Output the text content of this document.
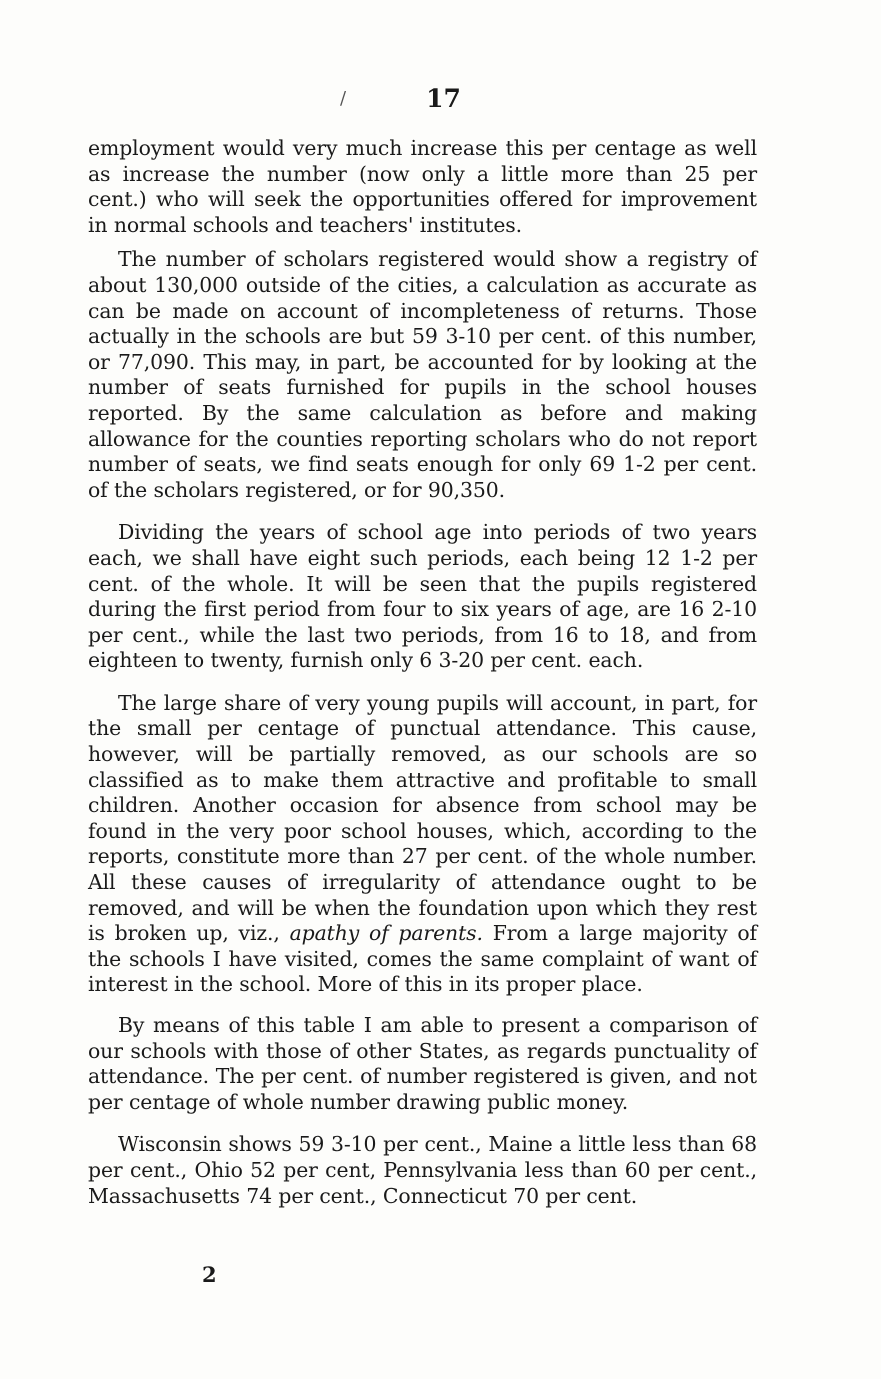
/	17

employment would very much increase this per centage as well as increase the number (now only a little more than 25 per cent.) who will seek the opportunities offered for improvement in normal schools and teachers' institutes.

The number of scholars registered would show a registry of about 130,000 outside of the cities, a calculation as accurate as can be made on account of incompleteness of returns. Those actually in the schools are but 59 3-10 per cent. of this number, or 77,090. This may, in part, be accounted for by looking at the number of seats furnished for pupils in the school houses reported. By the same calculation as before and making allowance for the counties reporting scholars who do not report number of seats, we find seats enough for only 69 1-2 per cent. of the scholars registered, or for 90,350.

Dividing the years of school age into periods of two years each, we shall have eight such periods, each being 12 1-2 per cent. of the whole. It will be seen that the pupils registered during the first period from four to six years of age, are 16 2-10 per cent., while the last two periods, from 16 to 18, and from eighteen to twenty, furnish only 6 3-20 per cent. each.

The large share of very young pupils will account, in part, for the small per centage of punctual attendance. This cause, however, will be partially removed, as our schools are so classified as to make them attractive and profitable to small children. Another occasion for absence from school may be found in the very poor school houses, which, according to the reports, constitute more than 27 per cent. of the whole number. All these causes of irregularity of attendance ought to be removed, and will be when the foundation upon which they rest is broken up, viz., apathy of parents. From a large majority of the schools I have visited, comes the same complaint of want of interest in the school. More of this in its proper place.

By means of this table I am able to present a comparison of our schools with those of other States, as regards punctuality of attendance. The per cent. of number registered is given, and not per centage of whole number drawing public money.

Wisconsin shows 59 3-10 per cent., Maine a little less than 68 per cent., Ohio 52 per cent, Pennsylvania less than 60 per cent., Massachusetts 74 per cent., Connecticut 70 per cent.

2
